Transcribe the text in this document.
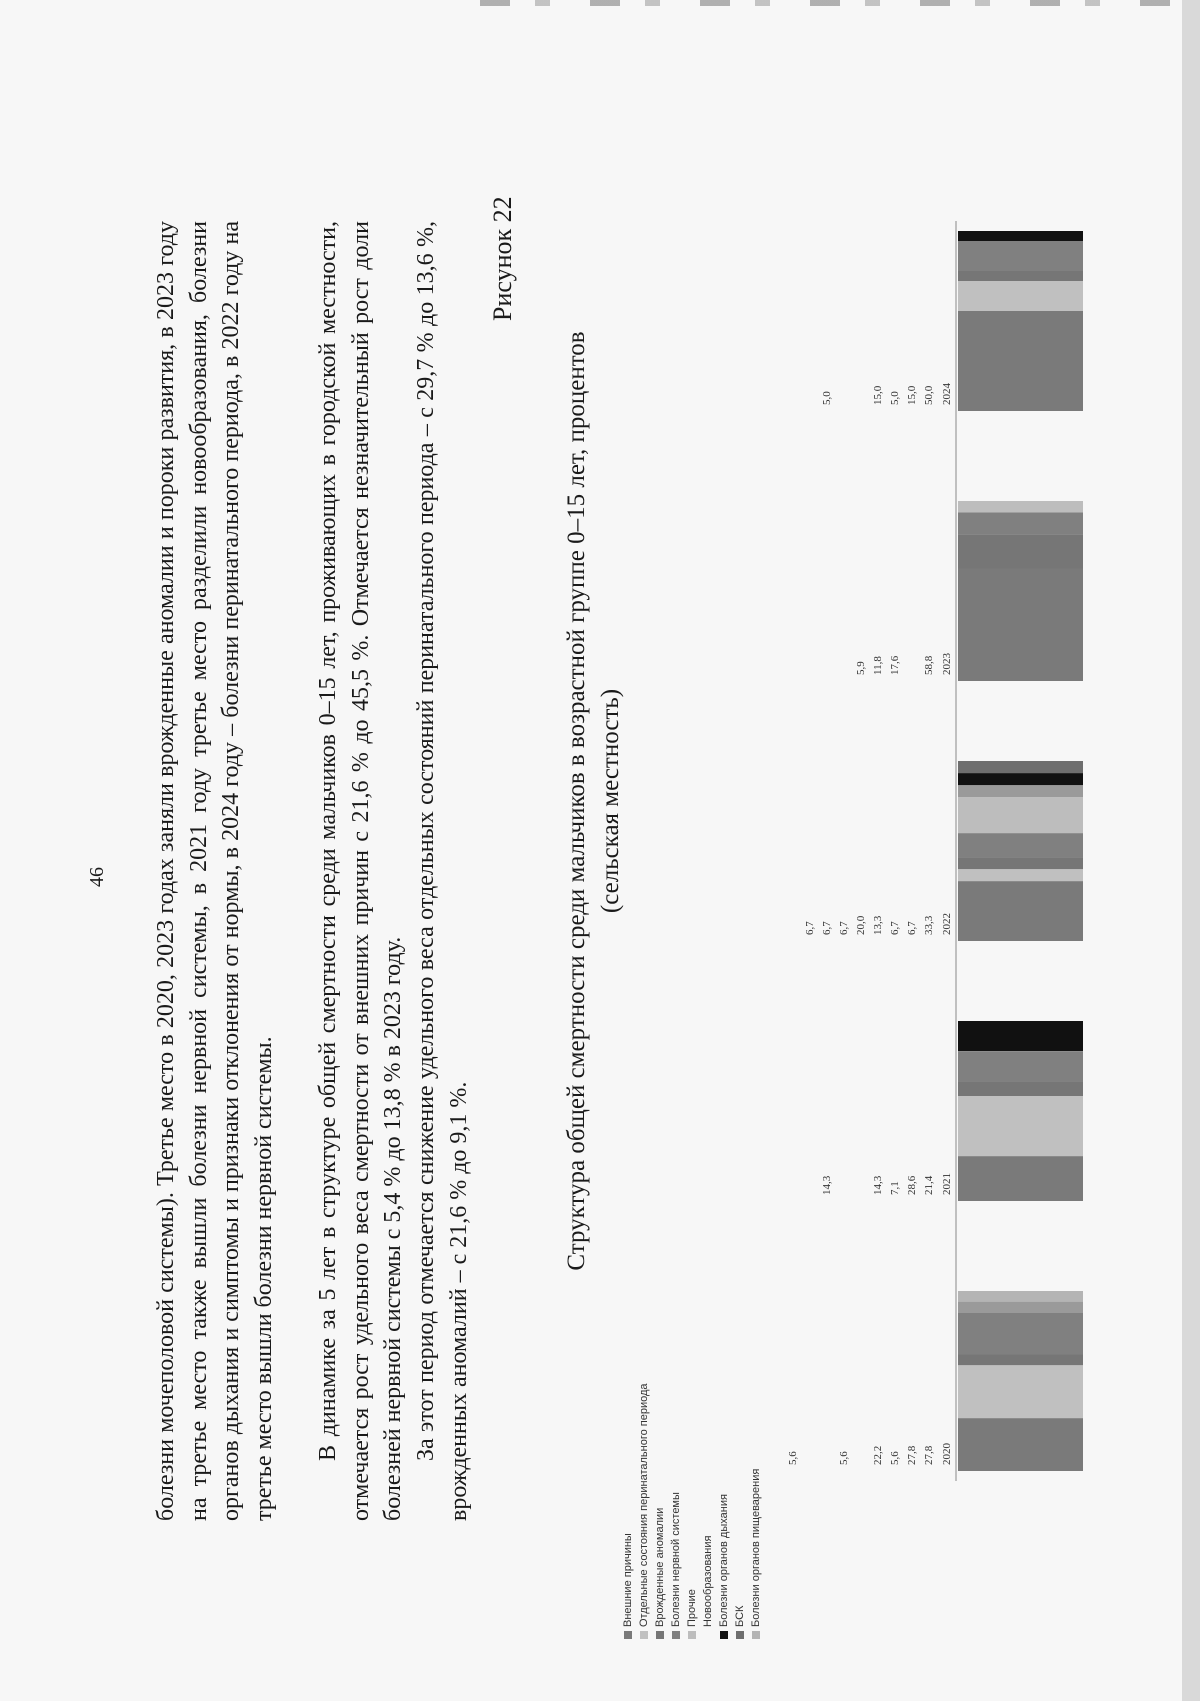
46 болезни мочеполовой системы). Третье место в 2020, 2023 годах заняли врожденные аномалии и пороки развития, в 2023 году на третье место также вышли болезни нервной системы, в 2021 году третье место разделили новообразования, болезни органов дыхания и симптомы и признаки отклонения от нормы, в 2024 году – болезни перинатального периода, в 2022 году на третье место вышли болезни нервной системы. В динамике за 5 лет в структуре общей смертности среди мальчиков 0–15 лет, проживающих в городской местности, отмечается рост удельного веса смертности от внешних причин с 21,6 % до 45,5 %. Отмечается незначительный рост доли болезней нервной системы с 5,4 % до 13,8 % в 2023 году. За этот период отмечается снижение удельного веса отдельных состояний перинатального периода – с 29,7 % до 13,6 %, врожденных аномалий – с 21,6 % до 9,1 %.

Рисунок 22
Структура общей смертности среди мальчиков в возрастной группе 0–15 лет, процентов (сельская местность)
2020
27,8
27,8
5,6
22,2
5,6
5,6
2021
21,4
28,6
7,1
14,3
14,3
2022
33,3
6,7
6,7
13,3
20,0
6,7
6,7
6,7
2023
58,8
17,6
11,8
5,9
2024
50,0
15,0
5,0
15,0
5,0
Внешние причины Отдельные состояния перинатального периода Врожденные аномалии Болезни нервной системы Прочие Новообразования Болезни органов дыхания БСК Болезни органов пищеварения
